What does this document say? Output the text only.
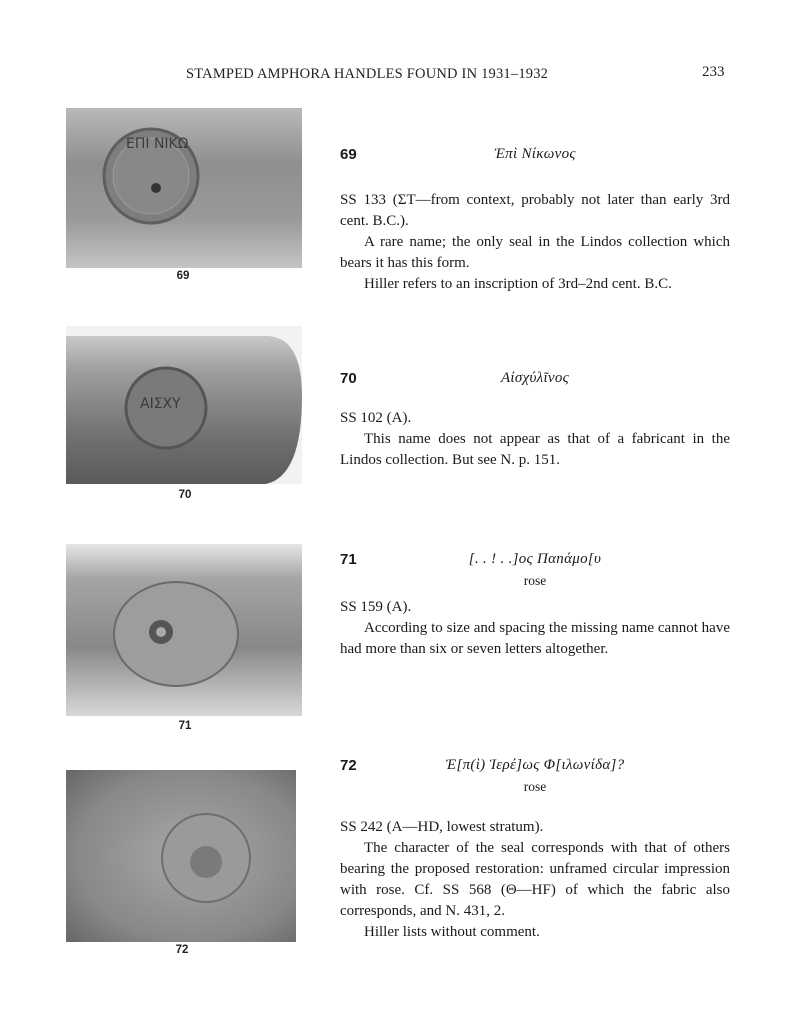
STAMPED AMPHORA HANDLES FOUND IN 1931–1932	233
ΕΠΙ ΝΙΚΩ
69
ΑΙΣΧΥ
70
71
72
69	Ἐπὶ Νίκωνος

SS 133 (ΣΤ—from context, probably not later than early 3rd cent. B.C.).

A rare name; the only seal in the Lindos collection which bears it has this form.

Hiller refers to an inscription of 3rd–2nd cent. B.C.

70	Αἰσχύλῖνος

SS 102 (A).

This name does not appear as that of a fabricant in the Lindos collection. But see N. p. 151.

71	[. . ! . .]ος Παnάμο[υ
rose

SS 159 (A).

According to size and spacing the missing name cannot have had more than six or seven letters altogether.

72	Ἐ[π(ὶ) Ἱερέ]ως Φ[ιλωνίδα]?
rose

SS 242 (A—HD, lowest stratum).

The character of the seal corresponds with that of others bearing the proposed restoration: unframed circular impression with rose. Cf. SS 568 (Θ—HF) of which the fabric also corresponds, and N. 431, 2.

Hiller lists without comment.
